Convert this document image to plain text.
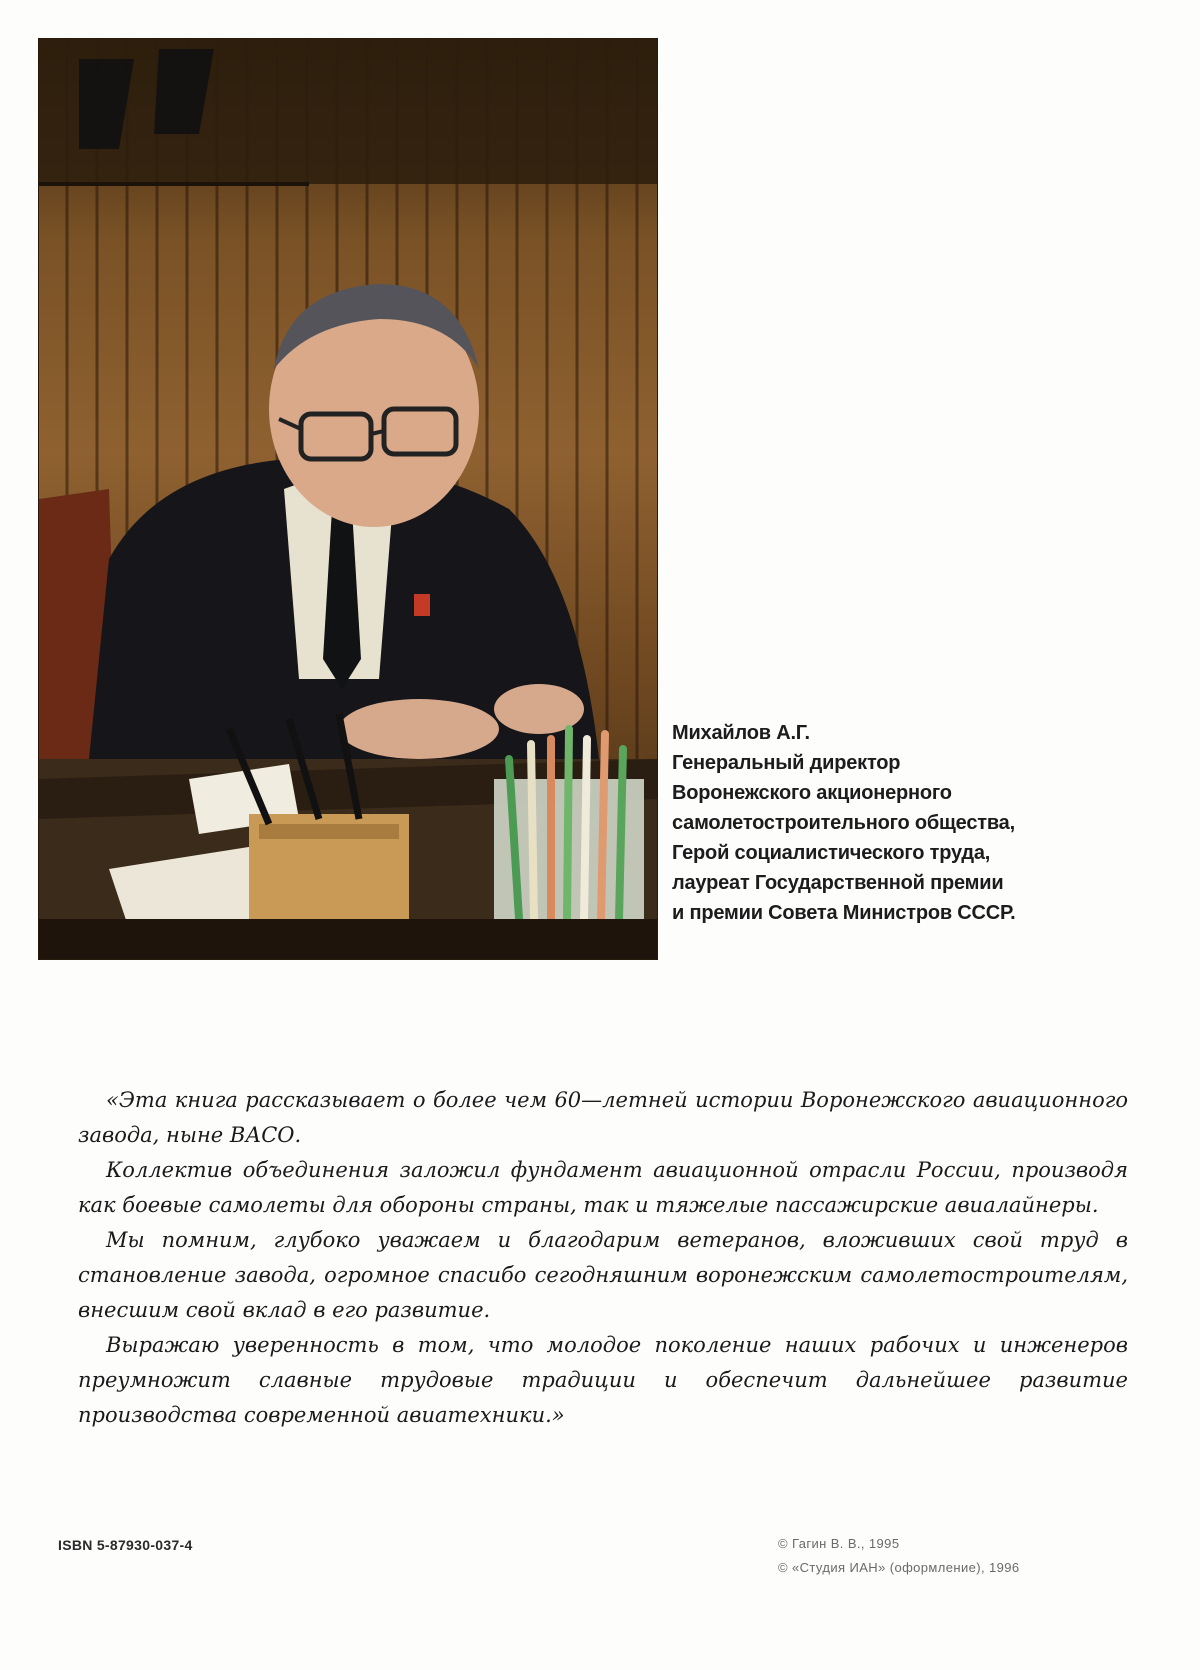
Михайлов А.Г.
Генеральный директор
Воронежского акционерного
самолетостроительного общества,
Герой социалистического труда,
лауреат Государственной премии
и премии Совета Министров СССР.

«Эта книга рассказывает о более чем 60—летней истории Воронежского авиационного завода, ныне ВАСО.

Коллектив объединения заложил фундамент авиационной отрасли России, производя как боевые самолеты для обороны страны, так и тяжелые пассажирские авиалайнеры.

Мы помним, глубоко уважаем и благодарим ветеранов, вложивших свой труд в становление завода, огромное спасибо сегодняшним воронежским самолетостроителям, внесшим свой вклад в его развитие.

Выражаю уверенность в том, что молодое поколение наших рабочих и инженеров преумножит славные трудовые традиции и обеспечит дальнейшее развитие производства современной авиатехники.»

ISBN 5-87930-037-4	© Гагин В. В., 1995
© «Студия ИАН» (оформление), 1996
